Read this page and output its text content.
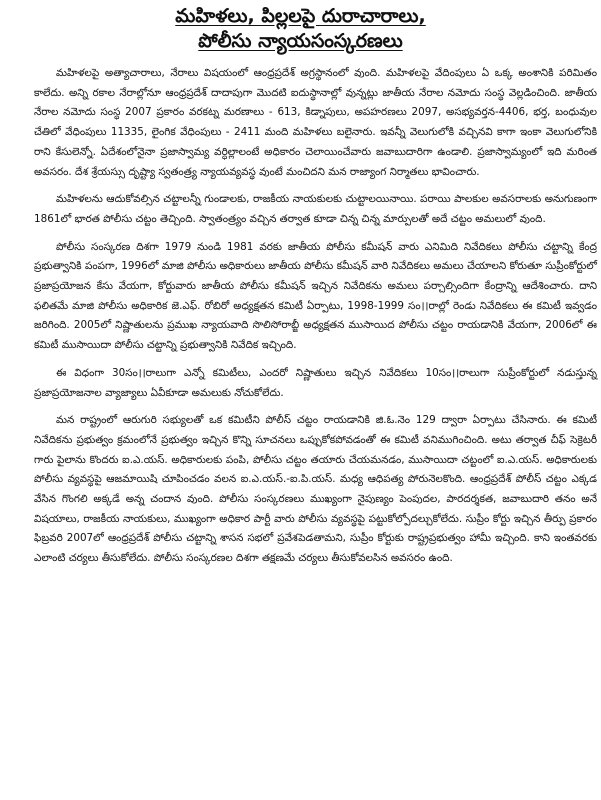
మహిళలు, పిల్లలపై దురాచారాలు,
పోలీసు న్యాయసంస్కరణలు

మహిళలపై అత్యాచారాలు, నేరాలు విషయంలో ఆంధ్రప్రదేశ్ అగ్రస్థానంలో వుంది. మహిళలపై వేదింపులు ఏ ఒక్క అంశానికి పరిమితం కాలేదు. అన్ని రకాల నేరాల్లోనూ ఆంధ్రప్రదేశ్ దాదాపుగా మొదటి ఐదుస్థానాల్లో వున్నట్లు జాతీయ నేరాల నమోదు సంస్థ వెల్లడించింది. జాతీయ నేరాల నమోదు సంస్థ 2007 ప్రకారం వరకట్న మరణాలు - 613, కిడ్నాపులు, అపహరణలు 2097, అసభ్యవర్తన-4406, భర్త, బంధువుల చేతిలో వేధింపులు 11335, లైంగిక వేధింపులు - 2411 మంది మహిళలు బలైనారు. ఇవన్నీ వెలుగులోకి వచ్చినవి కాగా ఇంకా వెలుగులోనికి రాని కేసులెన్నో. ఏదేశంలోనైనా ప్రజాస్వామ్య వర్ధిల్లాలంటే అధికారం చెలాయించేవారు జవాబుదారిగా ఉండాలి. ప్రజాస్వామ్యంలో ఇది మరింత అవసరం. దేశ శ్రేయస్సు దృష్ట్యా స్వతంత్ర్య న్యాయవ్యవస్థ వుంటే మంచిదని మన రాజ్యాంగ నిర్మాతలు భావించారు.

మహిళలను ఆదుకోవల్సిన చట్టాలన్నీ గుండాలకు, రాజకీయ నాయకులకు చుట్టాలయినాయి. పరాయి పాలకుల అవసరాలకు అనుగుణంగా 1861లో భారత పోలీసు చట్టం తెచ్చింది. స్వాతంత్ర్యం వచ్చిన తర్వాత కూడా చిన్న చిన్న మార్పులతో అదే చట్టం అమలులో వుంది.

పోలీసు సంస్కరణ దిశగా 1979 నుండి 1981 వరకు జాతీయ పోలీసు కమీషన్ వారు ఎనిమిది నివేదికలు పోలీసు చట్టాన్ని కేంద్ర ప్రభుత్వానికి పంపగా, 1996లో మాజి పోలీసు అధికారులు జాతీయ పోలీసు కమీషన్ వారి నివేదికలు అమలు చేయాలని కోరుతూ సుప్రీంకోర్టులో ప్రజాప్రయోజన కేసు వేయగా, కోర్టువారు జాతీయ పోలీసు కమీషన్ ఇచ్చిన నివేదికను అమలు పర్చాల్సిందిగా కేంద్రాన్ని ఆదేశించారు. దాని ఫలితమే మాజి పోలీసు అధికారిక జె.ఎఫ్. రోబిరో అధ్యక్షతన కమిటీ ఏర్పాటు, 1998-1999 సం।।రాల్లో రెండు నివేదికలు ఈ కమిటీ ఇవ్వడం జరిగింది. 2005లో నిష్ణాతులను ప్రముఖ న్యాయవాది సొలిసోరాబ్జీ అధ్యక్షతన ముసాయిద పోలీసు చట్టం రాయడానికి వేయగా, 2006లో ఈ కమిటీ ముసాయిదా పోలీసు చట్టాన్ని ప్రభుత్వానికి నివేదిక ఇచ్చింది.

ఈ విధంగా 30సం।।రాలుగా ఎన్నో కమిటీలు, ఎందరో నిష్ణాతులు ఇచ్చిన నివేదికలు 10సం।।రాలుగా సుప్రీంకోర్టులో నడుస్తున్న ప్రజాప్రయోజనాల వ్యాజ్యాలు ఏవీకూడా అమలుకు నోచుకోలేదు.

మన రాష్ట్రంలో ఆరుగురి సభ్యులతో ఒక కమిటీని పోలీస్ చట్టం రాయడానికి జి.ఓ.నెం 129 ద్వారా ఏర్పాటు చేసినారు. ఈ కమిటీ నివేదికను ప్రభుత్వం క్రమంలోనే ప్రభుత్వం ఇచ్చిన కొన్ని సూచనలు ఒప్పుకోకపోవడంతో ఈ కమిటీ వనిముగించింది. అటు తర్వాత చీఫ్ సెక్రెటరీ గారు పైలాను కొందరు ఐ.ఎ.యస్. అధికారులకు పంపి, పోలీసు చట్టం తయారు చేయమనడం, ముసాయిదా చట్టంలో ఐ.ఎ.యస్. అధికారులకు పోలీసు వ్యవస్థపై ఆజమాయిషి చూపించడం వలన ఐ.ఎ.యస్.-ఐ.పి.యస్. మధ్య ఆధిపత్య పోరునెలకొంది. ఆంధ్రప్రదేశ్ పోలీస్ చట్టం ఎక్కడ వేసిన గొంగలి అక్కడే అన్న చందాన వుంది. పోలీసు సంస్కరణలు ముఖ్యంగా నైపుణ్యం పెంపుదల, పారదర్శకత, జవాబుదారి తనం అనే విషయాలు, రాజకీయ నాయకులు, ముఖ్యంగా అధికార పార్టీ వారు పోలీసు వ్యవస్థపై పట్టుకోల్పోదల్చుకోలేదు. సుప్రీం కోర్టు ఇచ్చిన తీర్పు ప్రకారం ఫిబ్రవరి 2007లో ఆంధ్రప్రదేశ్ పోలీసు చట్టాన్ని శాసన సభలో ప్రవేశపెడతామని, సుప్రీం కోర్టుకు రాష్ట్రప్రభుత్వం హామీ ఇచ్చింది. కాని ఇంతవరకు ఎలాంటి చర్యలు తీసుకోలేదు. పోలీసు సంస్కరణల దిశగా తక్షణమే చర్యలు తీసుకోవలసిన అవసరం ఉంది.
